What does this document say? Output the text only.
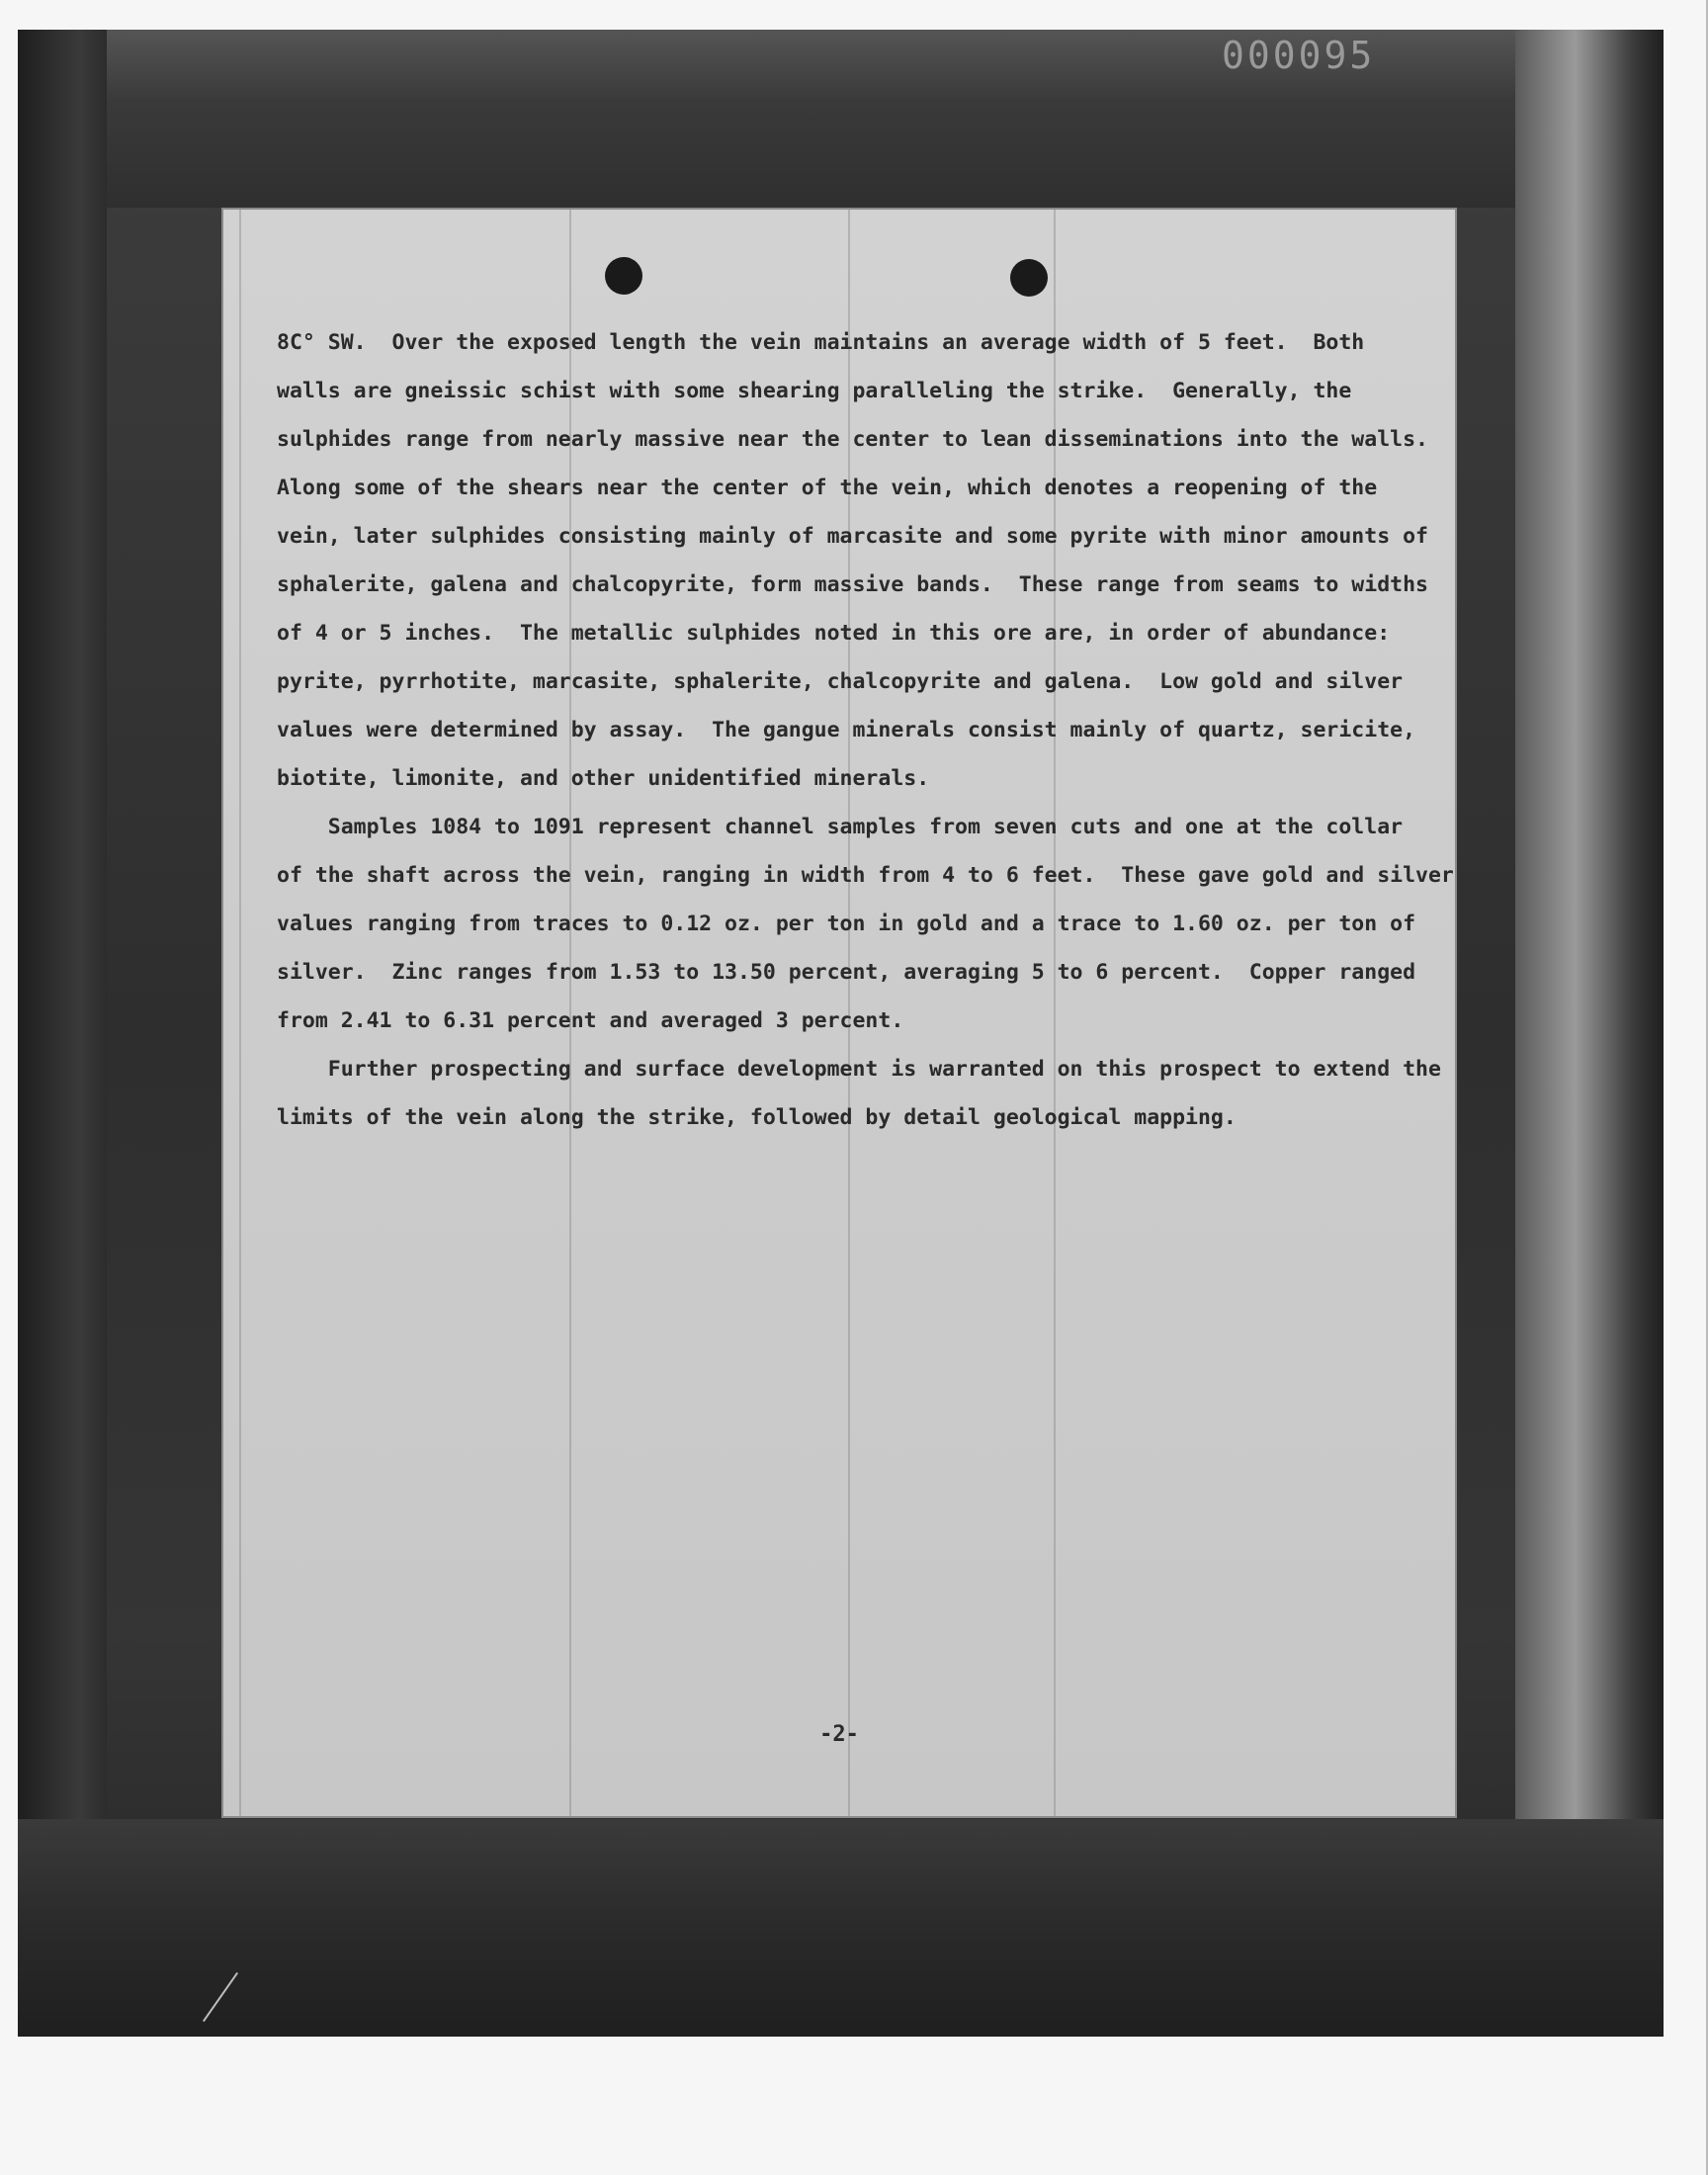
000095

8C° SW.  Over the exposed length the vein maintains an average width of 5 feet.  Both

walls are gneissic schist with some shearing paralleling the strike.  Generally, the

sulphides range from nearly massive near the center to lean disseminations into the walls.

Along some of the shears near the center of the vein, which denotes a reopening of the

vein, later sulphides consisting mainly of marcasite and some pyrite with minor amounts of

sphalerite, galena and chalcopyrite, form massive bands.  These range from seams to widths

of 4 or 5 inches.  The metallic sulphides noted in this ore are, in order of abundance:

pyrite, pyrrhotite, marcasite, sphalerite, chalcopyrite and galena.  Low gold and silver

values were determined by assay.  The gangue minerals consist mainly of quartz, sericite,

biotite, limonite, and other unidentified minerals.

Samples 1084 to 1091 represent channel samples from seven cuts and one at the collar

of the shaft across the vein, ranging in width from 4 to 6 feet.  These gave gold and silver

values ranging from traces to 0.12 oz. per ton in gold and a trace to 1.60 oz. per ton of

silver.  Zinc ranges from 1.53 to 13.50 percent, averaging 5 to 6 percent.  Copper ranged

from 2.41 to 6.31 percent and averaged 3 percent.

Further prospecting and surface development is warranted on this prospect to extend the

limits of the vein along the strike, followed by detail geological mapping.

-2-
